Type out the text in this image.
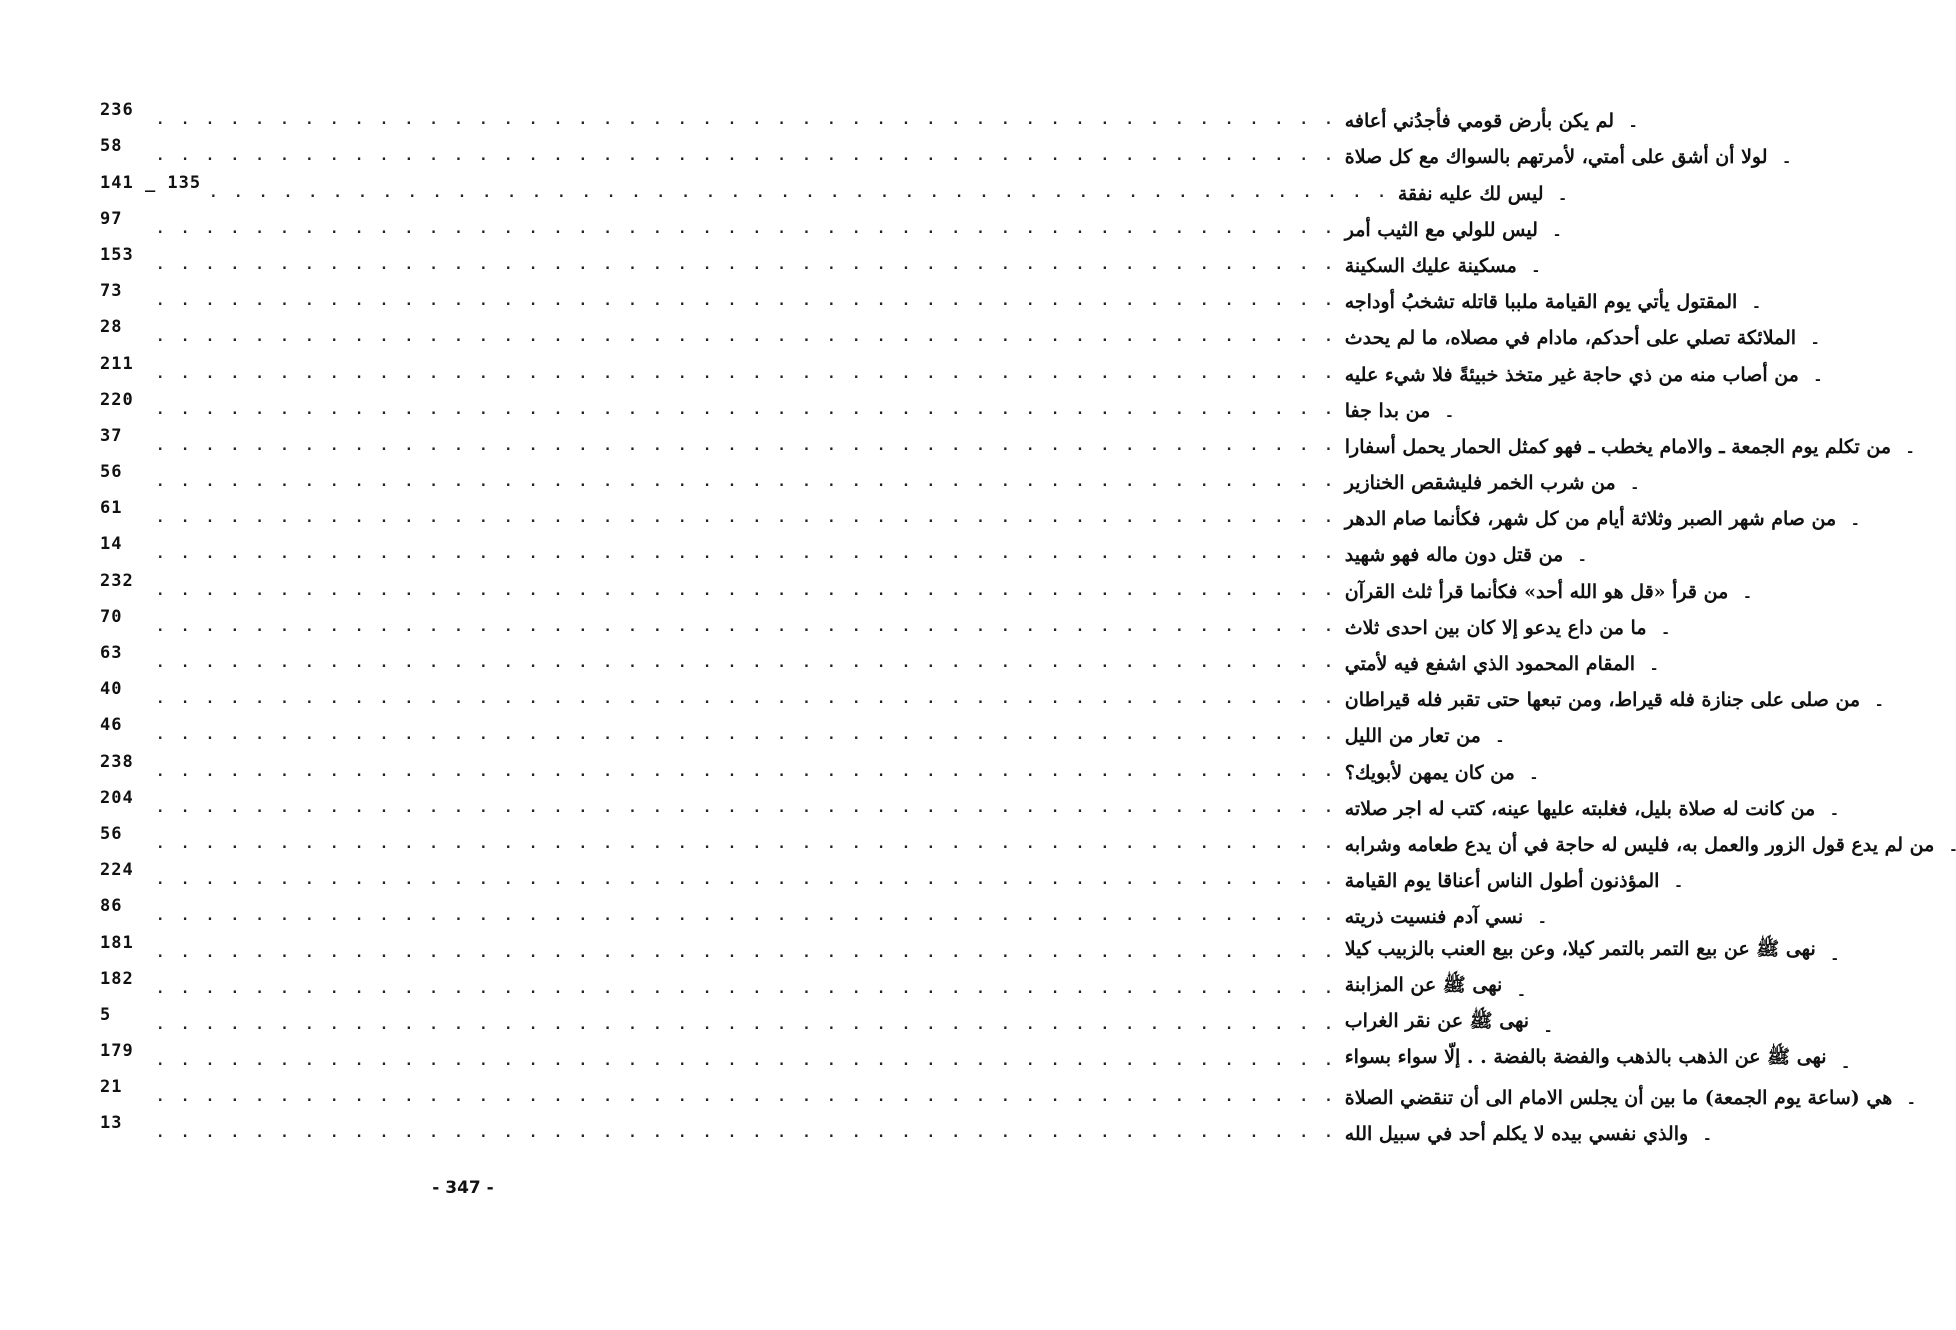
236	. . . . . . . . . . . . . . . . . . . . . . . . . . . . . . . . . . . . . . . . . . . . . . . . لم يكن بأرض قومي فأجدُني أعافه	-
58	. . . . . . . . . . . . . . . . . . . . . . . . . . . . . . . . . . . . . . . . . . . . . . . . لولا أن أشق على أمتي، لأمرتهم بالسواك مع كل صلاة	-
141 _ 135 . . . . . . . . . . . . . . . . . . . . . . . . . . . . . . . . . . . . . . . . . . . . . . . . ليس لك عليه نفقة	-
97	. . . . . . . . . . . . . . . . . . . . . . . . . . . . . . . . . . . . . . . . . . . . . . . . ليس للولي مع الثيب أمر	-
153	. . . . . . . . . . . . . . . . . . . . . . . . . . . . . . . . . . . . . . . . . . . . . . . . مسكينة عليك السكينة	-
73	. . . . . . . . . . . . . . . . . . . . . . . . . . . . . . . . . . . . . . . . . . . . . . . . المقتول يأتي يوم القيامة ملببا قاتله تشخبُ أوداجه	-
28	. . . . . . . . . . . . . . . . . . . . . . . . . . . . . . . . . . . . . . . . . . . . . . . . الملائكة تصلي على أحدكم، مادام في مصلاه، ما لم يحدث	-
211	. . . . . . . . . . . . . . . . . . . . . . . . . . . . . . . . . . . . . . . . . . . . . . . . من أصاب منه من ذي حاجة غير متخذ خبيئةً فلا شيء عليه	-
220	. . . . . . . . . . . . . . . . . . . . . . . . . . . . . . . . . . . . . . . . . . . . . . . . من بدا جفا	-
37	. . . . . . . . . . . . . . . . . . . . . . . . . . . . . . . . . . . . . . . . . . . . . . . . من تكلم يوم الجمعة ـ والامام يخطب ـ فهو كمثل الحمار يحمل أسفارا	-
56	. . . . . . . . . . . . . . . . . . . . . . . . . . . . . . . . . . . . . . . . . . . . . . . . من شرب الخمر فليشقص الخنازير	-
61	. . . . . . . . . . . . . . . . . . . . . . . . . . . . . . . . . . . . . . . . . . . . . . . . من صام شهر الصبر وثلاثة أيام من كل شهر، فكأنما صام الدهر	-
14	. . . . . . . . . . . . . . . . . . . . . . . . . . . . . . . . . . . . . . . . . . . . . . . . من قتل دون ماله فهو شهيد	-
232	. . . . . . . . . . . . . . . . . . . . . . . . . . . . . . . . . . . . . . . . . . . . . . . . من قرأ «قل هو الله أحد» فكأنما قرأ ثلث القرآن	-
70	. . . . . . . . . . . . . . . . . . . . . . . . . . . . . . . . . . . . . . . . . . . . . . . . ما من داع يدعو إلا كان بين احدى ثلاث	-
63	. . . . . . . . . . . . . . . . . . . . . . . . . . . . . . . . . . . . . . . . . . . . . . . . المقام المحمود الذي اشفع فيه لأمتي	-
40	. . . . . . . . . . . . . . . . . . . . . . . . . . . . . . . . . . . . . . . . . . . . . . . . من صلى على جنازة فله قيراط، ومن تبعها حتى تقبر فله قيراطان	-
46	. . . . . . . . . . . . . . . . . . . . . . . . . . . . . . . . . . . . . . . . . . . . . . . . من تعار من الليل	-
238	. . . . . . . . . . . . . . . . . . . . . . . . . . . . . . . . . . . . . . . . . . . . . . . . من كان يمهن لأبويك؟	-
204	. . . . . . . . . . . . . . . . . . . . . . . . . . . . . . . . . . . . . . . . . . . . . . . . من كانت له صلاة بليل، فغلبته عليها عينه، كتب له اجر صلاته	-
56	. . . . . . . . . . . . . . . . . . . . . . . . . . . . . . . . . . . . . . . . . . . . . . . . من لم يدع قول الزور والعمل به، فليس له حاجة في أن يدع طعامه وشرابه	-
224	. . . . . . . . . . . . . . . . . . . . . . . . . . . . . . . . . . . . . . . . . . . . . . . . المؤذنون أطول الناس أعناقا يوم القيامة	-
86	. . . . . . . . . . . . . . . . . . . . . . . . . . . . . . . . . . . . . . . . . . . . . . . . نسي آدم فنسيت ذريته	-
181	. . . . . . . . . . . . . . . . . . . . . . . . . . . . . . . . . . . . . . . . . . . . . . . . نهى ﷺ عن بيع التمر بالتمر كيلا، وعن بيع العنب بالزبيب كيلا	-
182	. . . . . . . . . . . . . . . . . . . . . . . . . . . . . . . . . . . . . . . . . . . . . . . . نهى ﷺ عن المزابنة	-
5	. . . . . . . . . . . . . . . . . . . . . . . . . . . . . . . . . . . . . . . . . . . . . . . . نهى ﷺ عن نقر الغراب	-
179	. . . . . . . . . . . . . . . . . . . . . . . . . . . . . . . . . . . . . . . . . . . . . . . . نهى ﷺ عن الذهب بالذهب والفضة بالفضة . . إلّا سواء بسواء	-
21	. . . . . . . . . . . . . . . . . . . . . . . . . . . . . . . . . . . . . . . . . . . . . . . . هي (ساعة يوم الجمعة) ما بين أن يجلس الامام الى أن تنقضي الصلاة	-
13	. . . . . . . . . . . . . . . . . . . . . . . . . . . . . . . . . . . . . . . . . . . . . . . . والذي نفسي بيده لا يكلم أحد في سبيل الله	-
- 347 -
